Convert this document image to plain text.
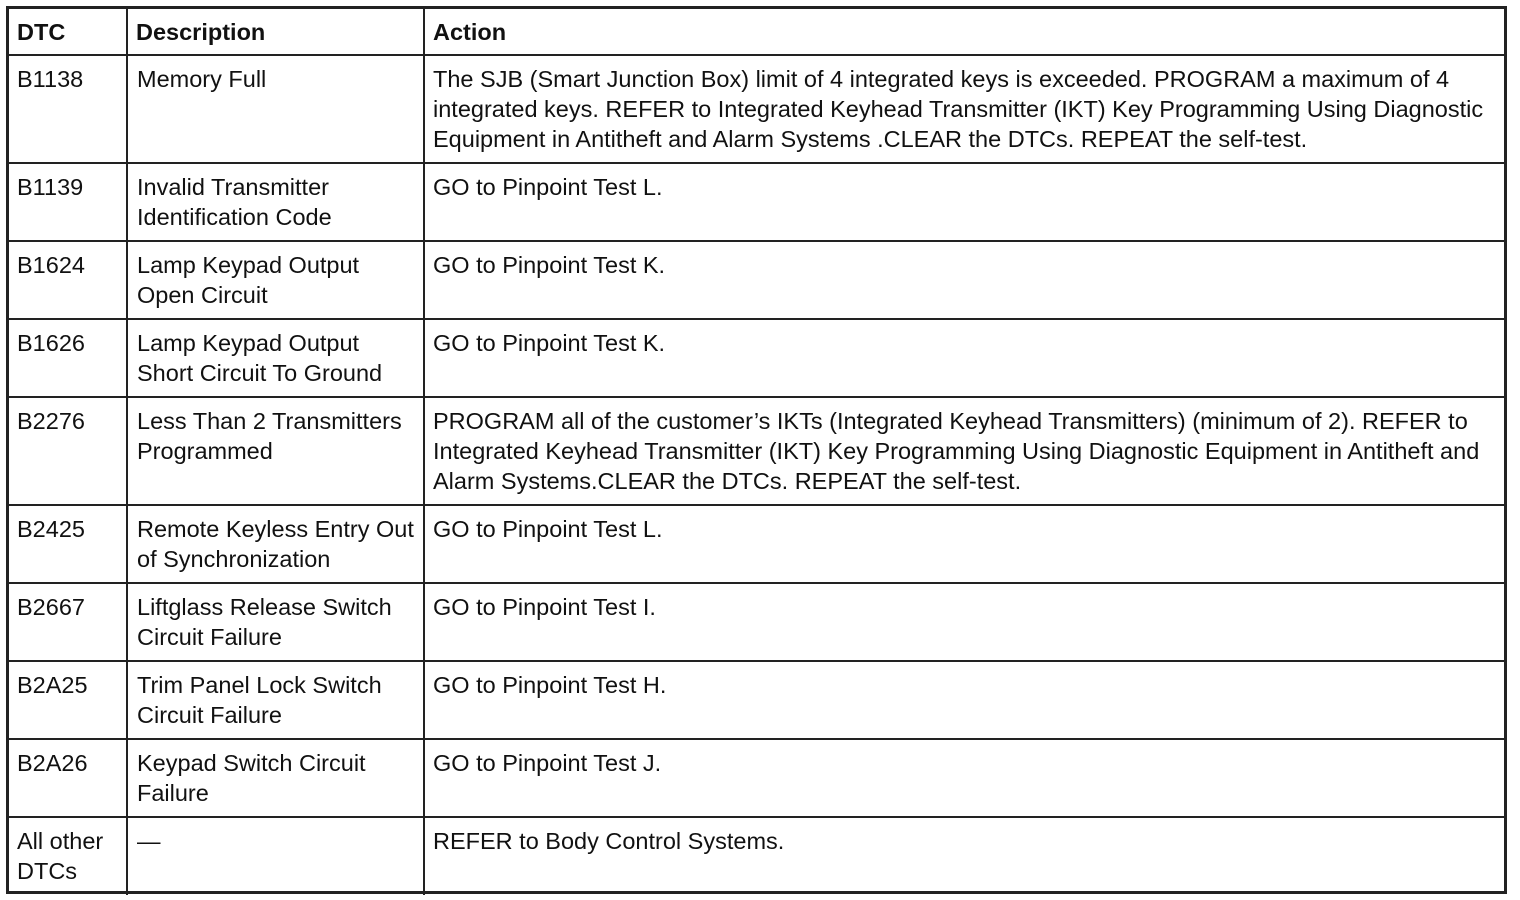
DTC	Description	Action
B1138	Memory Full	The SJB (Smart Junction Box) limit of 4 integrated keys is exceeded. PROGRAM a maximum of 4 integrated keys. REFER to Integrated Keyhead Transmitter (IKT) Key Programming Using Diagnostic Equipment in Antitheft and Alarm Systems .CLEAR the DTCs. REPEAT the self-test.
B1139	Invalid Transmitter Identification Code	GO to Pinpoint Test L.
B1624	Lamp Keypad Output Open Circuit	GO to Pinpoint Test K.
B1626	Lamp Keypad Output Short Circuit To Ground	GO to Pinpoint Test K.
B2276	Less Than 2 Transmitters Programmed	PROGRAM all of the customer’s IKTs (Integrated Keyhead Transmitters) (minimum of 2). REFER to Integrated Keyhead Transmitter (IKT) Key Programming Using Diagnostic Equipment in Antitheft and Alarm Systems.CLEAR the DTCs. REPEAT the self-test.
B2425	Remote Keyless Entry Out of Synchronization	GO to Pinpoint Test L.
B2667	Liftglass Release Switch Circuit Failure	GO to Pinpoint Test I.
B2A25	Trim Panel Lock Switch Circuit Failure	GO to Pinpoint Test H.
B2A26	Keypad Switch Circuit Failure	GO to Pinpoint Test J.
All other DTCs	—	REFER to Body Control Systems.
